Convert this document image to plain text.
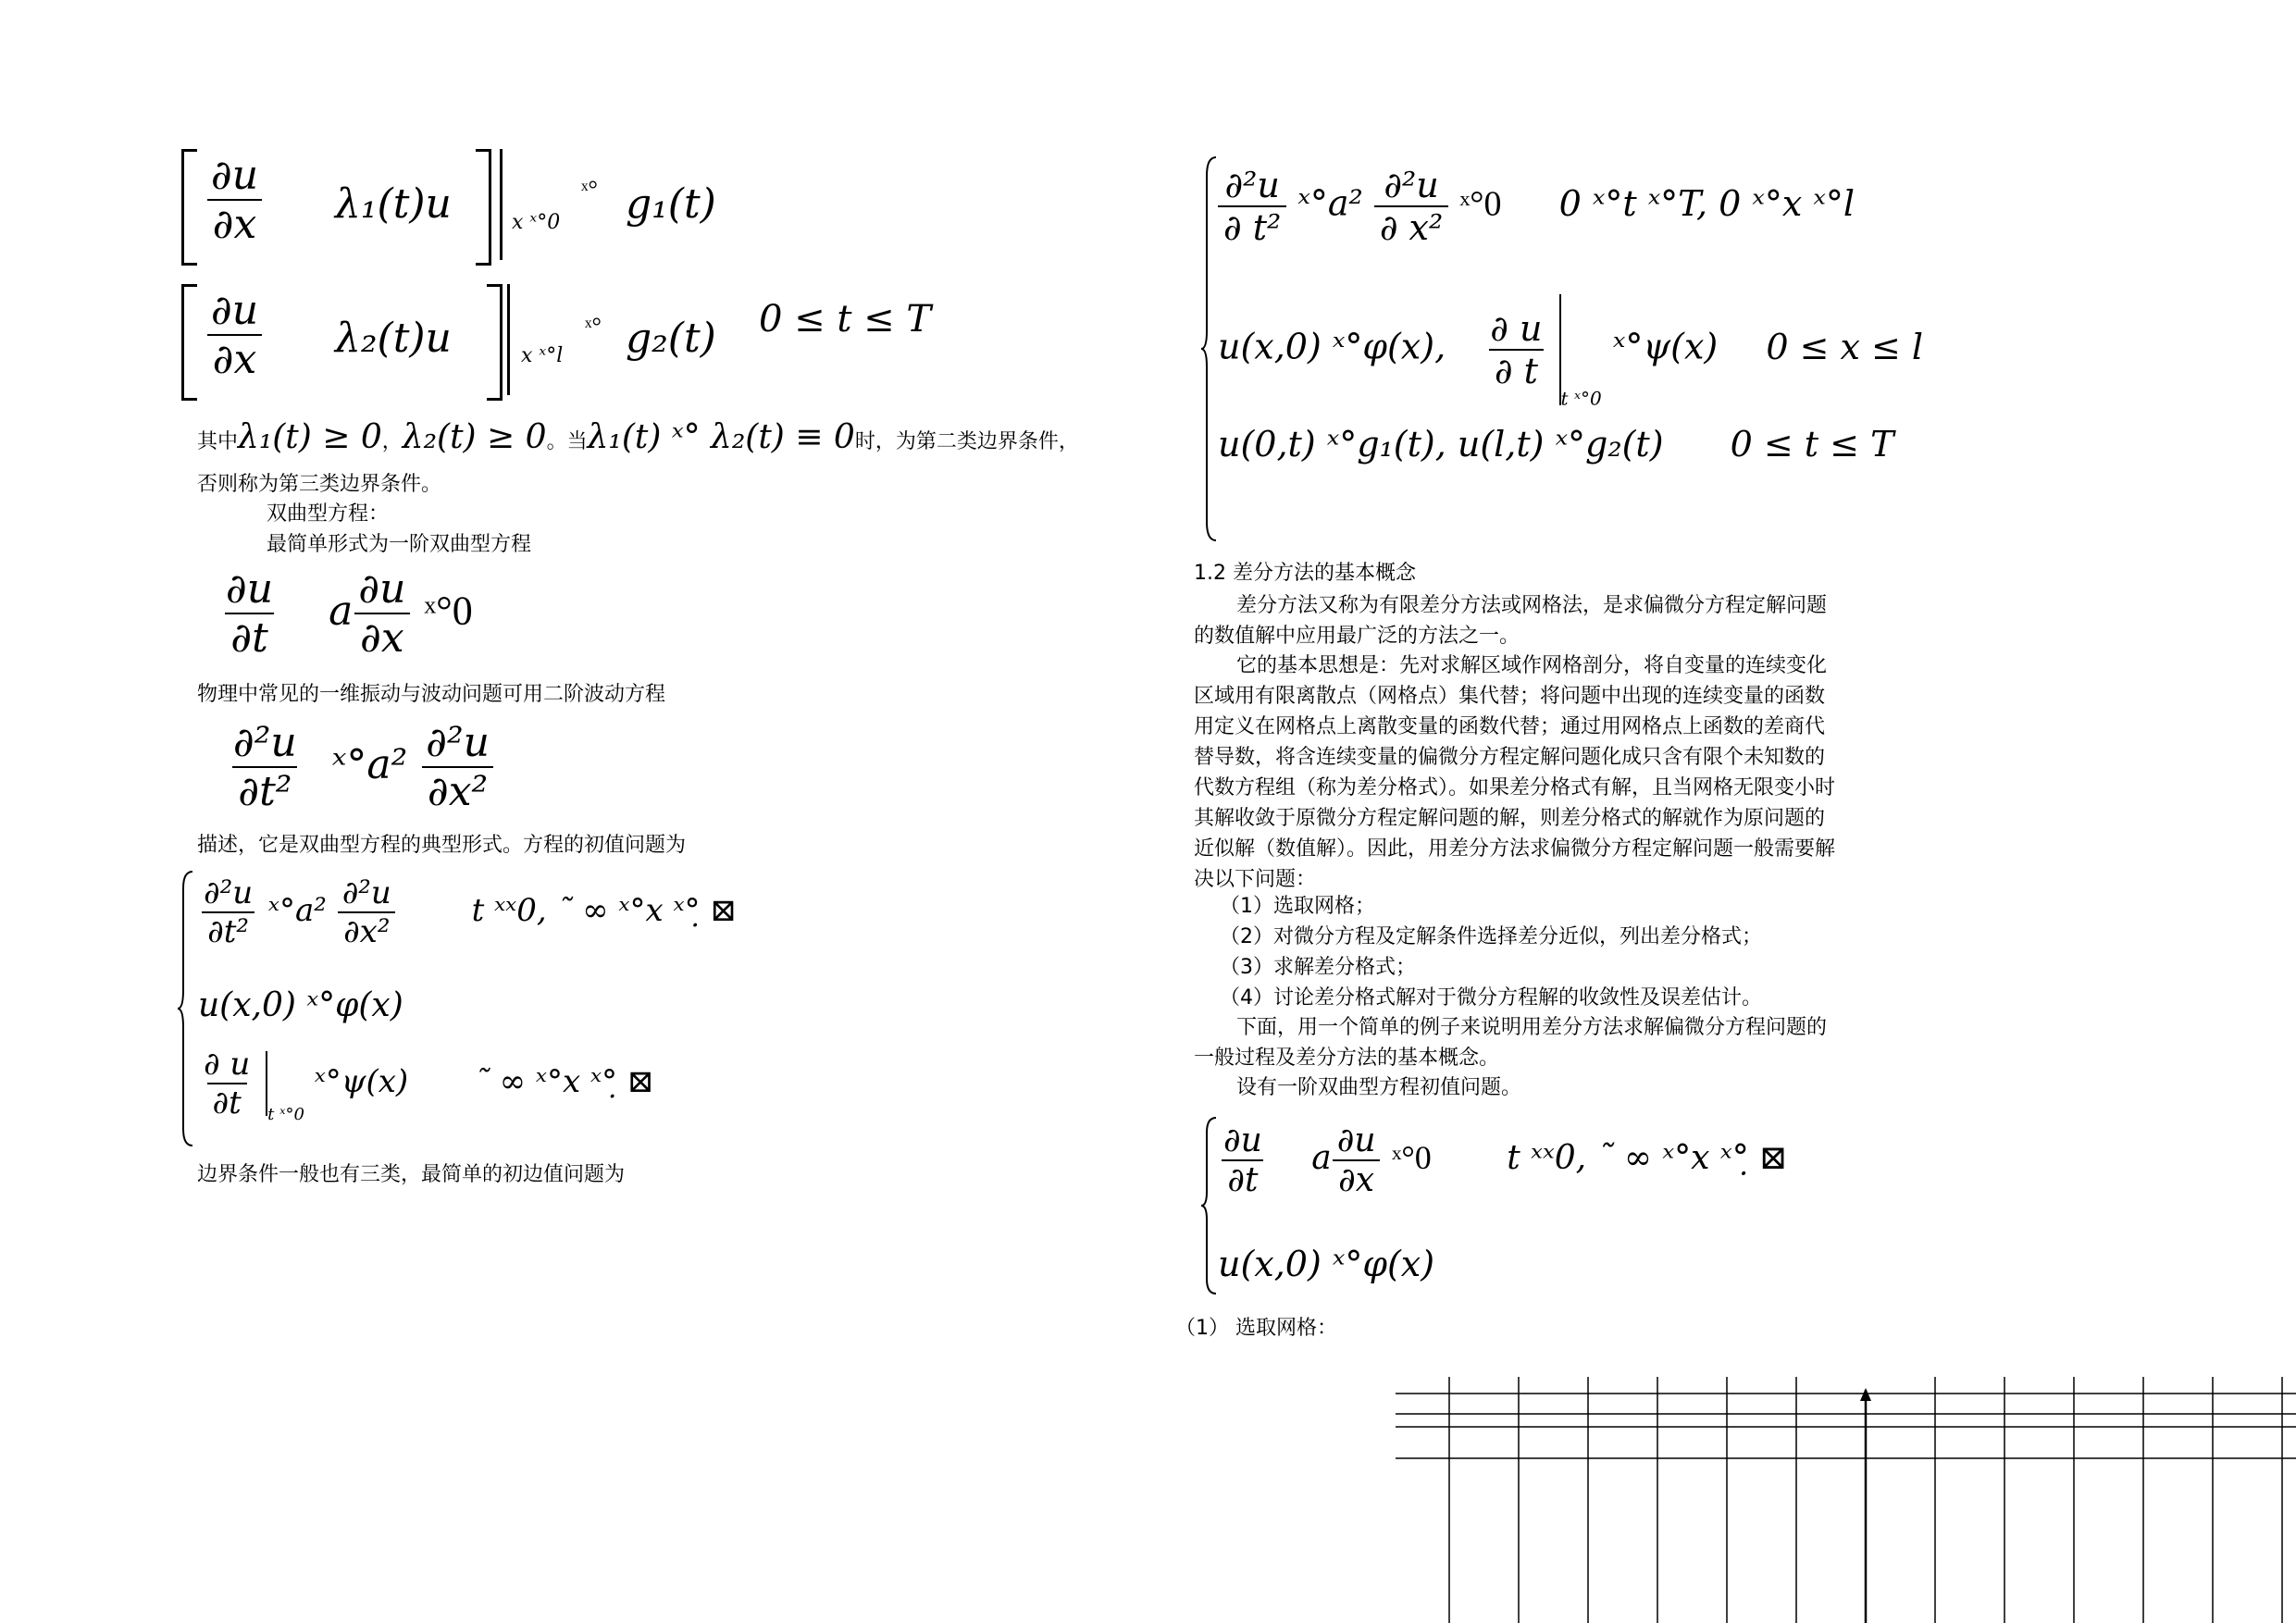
$\frac{\partial u}{\partial x} \lambda_1(t)u$	x ˣ°0
ˣ° g₁(t)
$\frac{\partial u}{\partial x} \lambda_2(t)u$	x ˣ°l
ˣ° g₂(t) 0 ≤ t ≤ T
其中λ₁(t) ≥ 0，λ₂(t) ≥ 0。当λ₁(t) ˣ° λ₂(t) ≡ 0时，为第二类边界条件，
否则称为第三类边界条件。
双曲型方程：
最简单形式为一阶双曲型方程
$\frac{\partial u}{\partial t}$ a $\frac{\partial u}{\partial x}$ ˣ°0
物理中常见的一维振动与波动问题可用二阶波动方程
$\frac{\text{∂²u}}{\text{∂t²}}$ ˣ°a² $\frac{\text{∂²u}}{\text{∂x²}}$
描述，它是双曲型方程的典型形式。方程的初值问题为
$\frac{\text{∂²u}}{\text{∂t²}}$ ˣ°a² $\frac{\text{∂²u}}{\text{∂x²}}$ t ˣˣ0, ˜ ∞ ˣ°x ˣ°̣ ⊠
u(x,0) ˣ°φ(x)
$\frac{\partial u}{\partial t} _{t ˣ^\circ 0}$ ˣ°ψ(x) ˜ ∞ ˣ°x ˣ°̣ ⊠
边界条件一般也有三类，最简单的初边值问题为
$\frac{\text{∂²u}}{\text{∂ t²}}$ ˣ°a² $\frac{\text{∂²u}}{\text{∂ x²}}$ ˣ°0 0 ˣ°t ˣ°T, 0 ˣ°x ˣ°l
u(x,0) ˣ°φ(x), $\frac{\partial u}{\partial t}$
$_{t ˣ^\circ 0}$ ˣ°ψ(x) 0 ≤ x ≤ l
u(0,t) ˣ°g₁(t), u(l,t) ˣ°g₂(t) 0 ≤ t ≤ T
1.2 差分方法的基本概念
差分方法又称为有限差分方法或网格法，是求偏微分方程定解问题的数值解中应用最广泛的方法之一。
它的基本思想是：先对求解区域作网格剖分，将自变量的连续变化区域用有限离散点（网格点）集代替；将问题中出现的连续变量的函数用定义在网格点上离散变量的函数代替；通过用网格点上函数的差商代替导数，将含连续变量的偏微分方程定解问题化成只含有限个未知数的代数方程组（称为差分格式）。如果差分格式有解，且当网格无限变小时其解收敛于原微分方程定解问题的解，则差分格式的解就作为原问题的近似解（数值解）。因此，用差分方法求偏微分方程定解问题一般需要解决以下问题：
（1）选取网格；
（2）对微分方程及定解条件选择差分近似，列出差分格式；
（3）求解差分格式；
（4）讨论差分格式解对于微分方程解的收敛性及误差估计。
下面，用一个简单的例子来说明用差分方法求解偏微分方程问题的一般过程及差分方法的基本概念。
设有一阶双曲型方程初值问题。
$\frac{\partial u}{\partial t}$ a $\frac{\partial u}{\partial x}$ ˣ°0 t ˣˣ0, ˜ ∞ ˣ°x ˣ°̣ ⊠
u(x,0) ˣ°φ(x)
（1） 选取网格：
